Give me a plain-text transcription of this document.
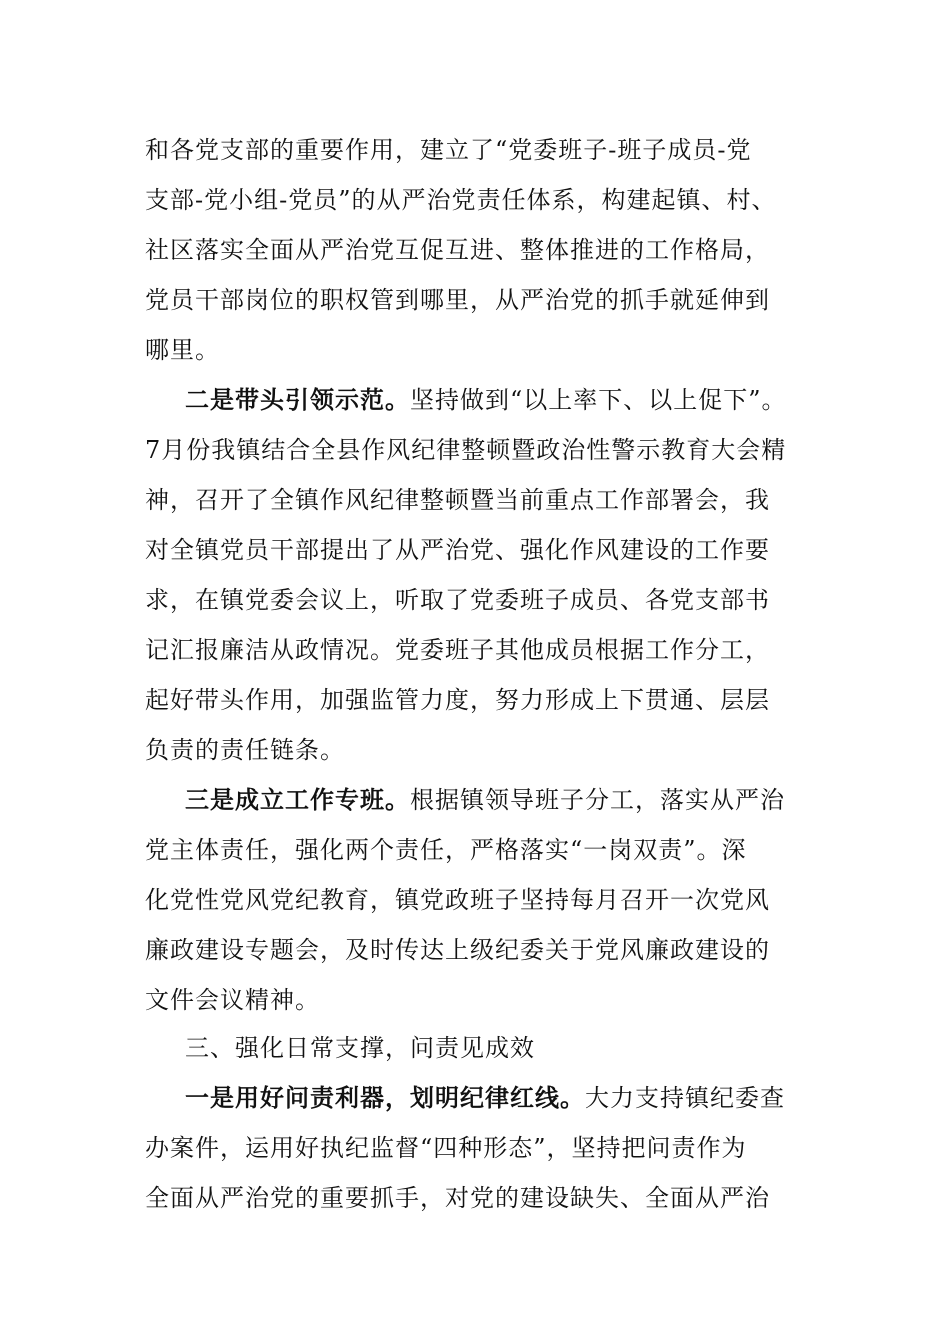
和各党支部的重要作用，建立了“党委班子-班子成员-党
支部-党小组-党员”的从严治党责任体系，构建起镇、村、
社区落实全面从严治党互促互进、整体推进的工作格局，
党员干部岗位的职权管到哪里，从严治党的抓手就延伸到
哪里。
二是带头引领示范。坚持做到“以上率下、以上促下”。
7月份我镇结合全县作风纪律整顿暨政治性警示教育大会精
神，召开了全镇作风纪律整顿暨当前重点工作部署会，我
对全镇党员干部提出了从严治党、强化作风建设的工作要
求，在镇党委会议上，听取了党委班子成员、各党支部书
记汇报廉洁从政情况。党委班子其他成员根据工作分工，
起好带头作用，加强监管力度，努力形成上下贯通、层层
负责的责任链条。
三是成立工作专班。根据镇领导班子分工，落实从严治
党主体责任，强化两个责任，严格落实“一岗双责”。深
化党性党风党纪教育，镇党政班子坚持每月召开一次党风
廉政建设专题会，及时传达上级纪委关于党风廉政建设的
文件会议精神。
三、强化日常支撑，问责见成效
一是用好问责利器，划明纪律红线。大力支持镇纪委查
办案件，运用好执纪监督“四种形态”，坚持把问责作为
全面从严治党的重要抓手，对党的建设缺失、全面从严治
